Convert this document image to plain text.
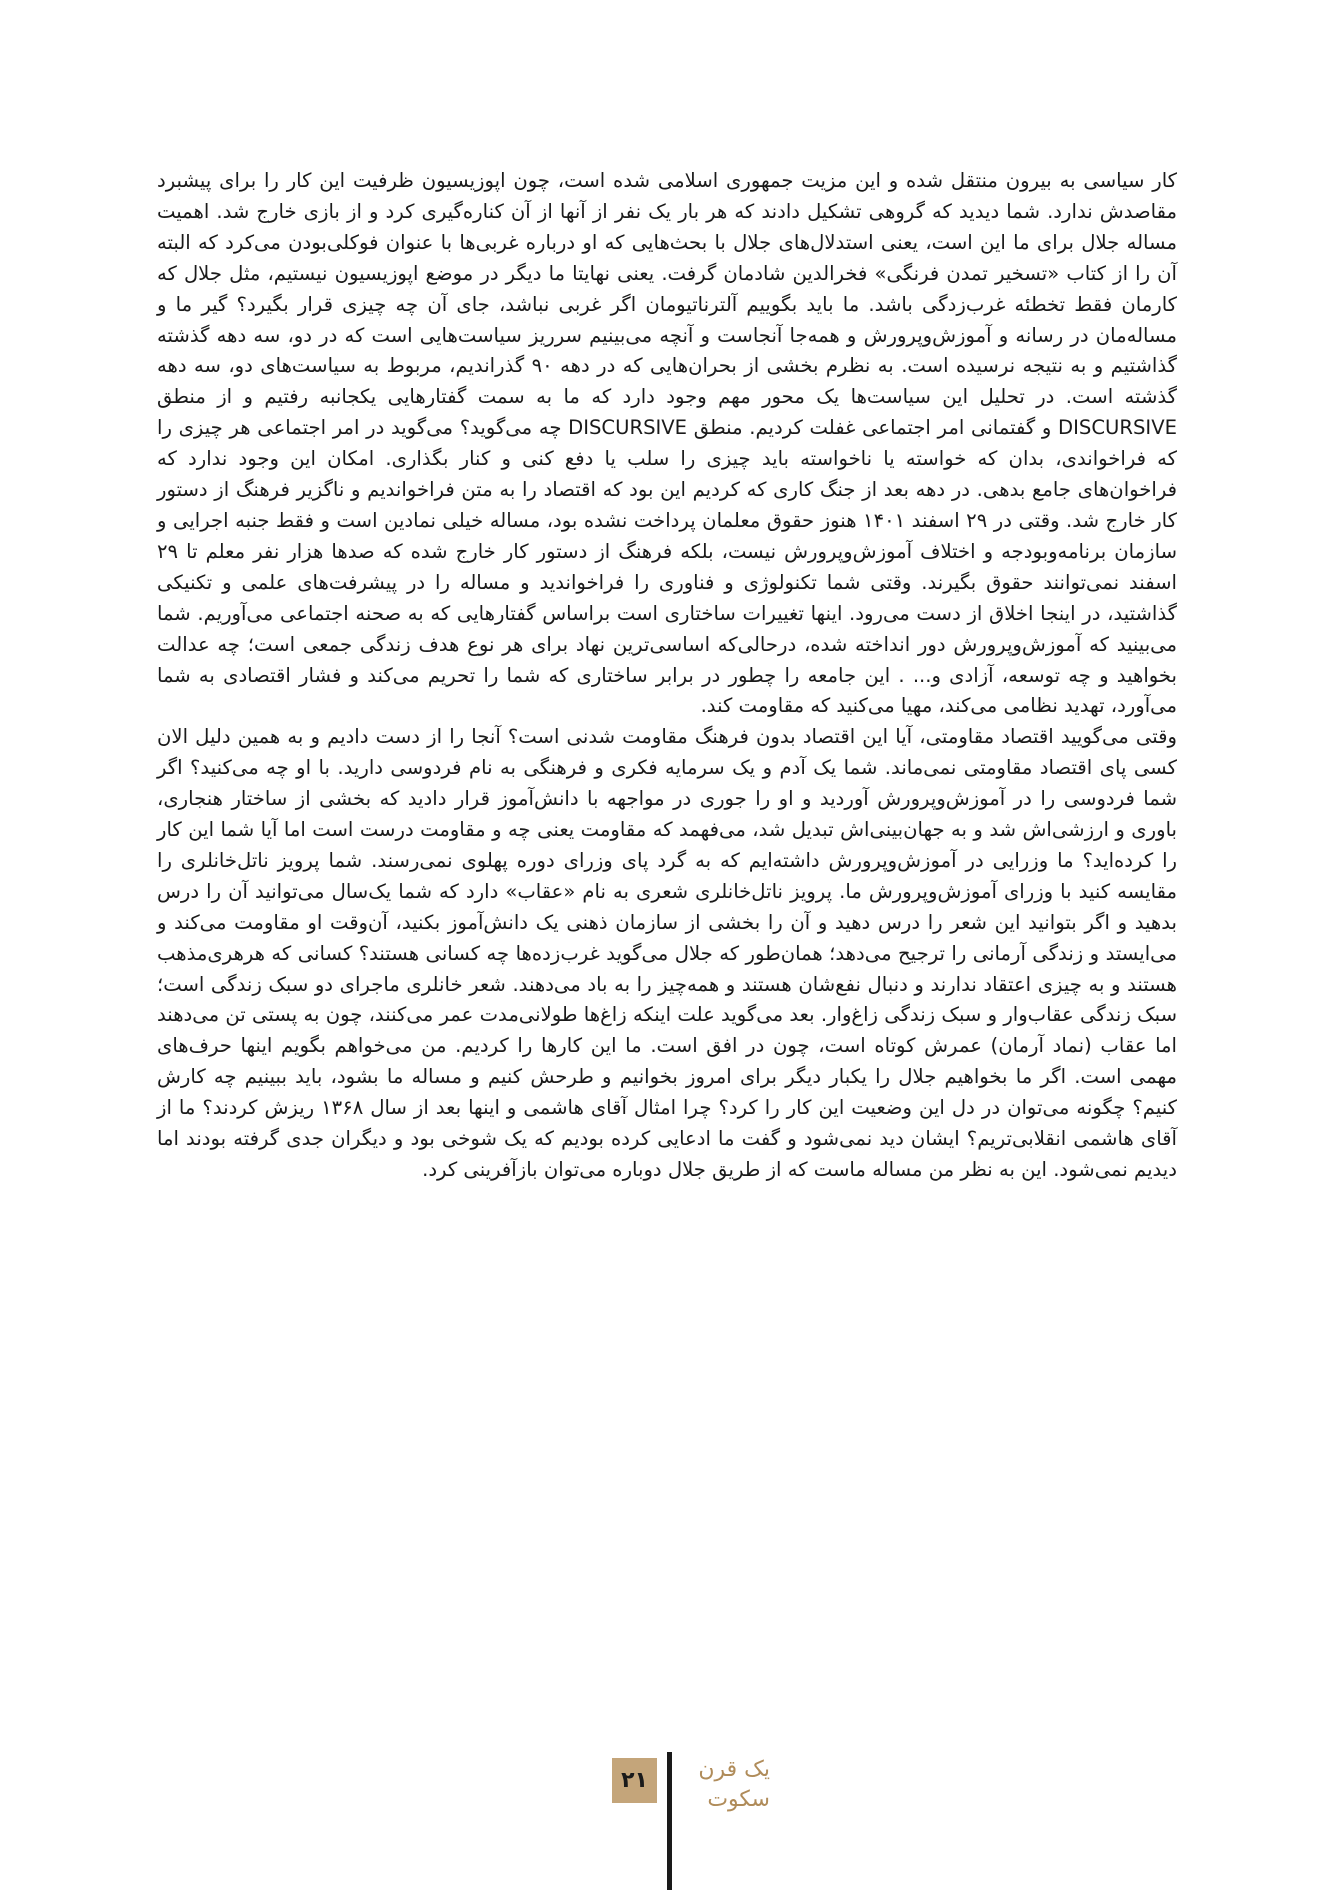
کار سیاسی به بیرون منتقل شده و این مزیت جمهوری اسلامی شده است، چون اپوزیسیون ظرفیت این کار را برای پیشبرد مقاصدش ندارد. شما دیدید که گروهی تشکیل دادند که هر بار یک نفر از آنها از آن کناره‌گیری کرد و از بازی خارج شد. اهمیت مساله جلال برای ما این است، یعنی استدلال‌های جلال با بحث‌هایی که او درباره غربی‌ها با عنوان فوکلی‌بودن می‌کرد که البته آن را از کتاب «تسخیر تمدن فرنگی» فخرالدین شادمان گرفت. یعنی نهایتا ما دیگر در موضع اپوزیسیون نیستیم، مثل جلال که کارمان فقط تخطئه غرب‌زدگی باشد. ما باید بگوییم آلترناتیومان اگر غربی نباشد، جای آن چه چیزی قرار بگیرد؟ گیر ما و مساله‌مان در رسانه و آموزش‌وپرورش و همه‌جا آنجاست و آنچه می‌بینیم سرریز سیاست‌هایی است که در دو، سه دهه گذشته گذاشتیم و به نتیجه نرسیده است. به نظرم بخشی از بحران‌هایی که در دهه ۹۰ گذراندیم، مربوط به سیاست‌های دو، سه دهه گذشته است. در تحلیل این سیاست‌ها یک محور مهم وجود دارد که ما به سمت گفتارهایی یکجانبه رفتیم و از منطق DISCURSIVE و گفتمانی امر اجتماعی غفلت کردیم. منطق DISCURSIVE چه می‌گوید؟ می‌گوید در امر اجتماعی هر چیزی را که فراخواندی، بدان که خواسته یا ناخواسته باید چیزی را سلب یا دفع کنی و کنار بگذاری. امکان این وجود ندارد که فراخوان‌های جامع بدهی. در دهه بعد از جنگ کاری که کردیم این بود که اقتصاد را به متن فراخواندیم و ناگزیر فرهنگ از دستور کار خارج شد. وقتی در ۲۹ اسفند ۱۴۰۱ هنوز حقوق معلمان پرداخت نشده بود، مساله خیلی نمادین است و فقط جنبه اجرایی و سازمان برنامه‌وبودجه و اختلاف آموزش‌وپرورش نیست، بلکه فرهنگ از دستور کار خارج شده که صدها هزار نفر معلم تا ۲۹ اسفند نمی‌توانند حقوق بگیرند. وقتی شما تکنولوژی و فناوری را فراخواندید و مساله را در پیشرفت‌های علمی و تکنیکی گذاشتید، در اینجا اخلاق از دست می‌رود. اینها تغییرات ساختاری است براساس گفتارهایی که به صحنه اجتماعی می‌آوریم. شما می‌بینید که آموزش‌وپرورش دور انداخته شده، درحالی‌که اساسی‌ترین نهاد برای هر نوع هدف زندگی جمعی است؛ چه عدالت بخواهید و چه توسعه، آزادی و... . این جامعه را چطور در برابر ساختاری که شما را تحریم می‌کند و فشار اقتصادی به شما می‌آورد، تهدید نظامی می‌کند، مهیا می‌کنید که مقاومت کند.

وقتی می‌گویید اقتصاد مقاومتی، آیا این اقتصاد بدون فرهنگ مقاومت شدنی است؟ آنجا را از دست دادیم و به همین دلیل الان کسی پای اقتصاد مقاومتی نمی‌ماند. شما یک آدم و یک سرمایه فکری و فرهنگی به نام فردوسی دارید. با او چه می‌کنید؟ اگر شما فردوسی را در آموزش‌وپرورش آوردید و او را جوری در مواجهه با دانش‌آموز قرار دادید که بخشی از ساختار هنجاری، باوری و ارزشی‌اش شد و به جهان‌بینی‌اش تبدیل شد، می‌فهمد که مقاومت یعنی چه و مقاومت درست است اما آیا شما این کار را کرده‌اید؟ ما وزرایی در آموزش‌وپرورش داشته‌ایم که به گرد پای وزرای دوره پهلوی نمی‌رسند. شما پرویز ناتل‌خانلری را مقایسه کنید با وزرای آموزش‌وپرورش ما. پرویز ناتل‌خانلری شعری به نام «عقاب» دارد که شما یک‌سال می‌توانید آن را درس بدهید و اگر بتوانید این شعر را درس دهید و آن را بخشی از سازمان ذهنی یک دانش‌آموز بکنید، آن‌وقت او مقاومت می‌کند و می‌ایستد و زندگی آرمانی را ترجیح می‌دهد؛ همان‌طور که جلال می‌گوید غرب‌زده‌ها چه کسانی هستند؟ کسانی که هرهری‌مذهب هستند و به چیزی اعتقاد ندارند و دنبال نفع‌شان هستند و همه‌چیز را به باد می‌دهند. شعر خانلری ماجرای دو سبک زندگی است؛ سبک زندگی عقاب‌وار و سبک زندگی زاغ‌وار. بعد می‌گوید علت اینکه زاغ‌ها طولانی‌مدت عمر می‌کنند، چون به پستی تن می‌دهند اما عقاب (نماد آرمان) عمرش کوتاه است، چون در افق است. ما این کارها را کردیم. من می‌خواهم بگویم اینها حرف‌های مهمی است. اگر ما بخواهیم جلال را یکبار دیگر برای امروز بخوانیم و طرحش کنیم و مساله ما بشود، باید ببینیم چه کارش کنیم؟ چگونه می‌توان در دل این وضعیت این کار را کرد؟ چرا امثال آقای هاشمی و اینها بعد از سال ۱۳۶۸ ریزش کردند؟ ما از آقای هاشمی انقلابی‌تریم؟ ایشان دید نمی‌شود و گفت ما ادعایی کرده بودیم که یک شوخی بود و دیگران جدی گرفته بودند اما دیدیم نمی‌شود. این به نظر من مساله ماست که از طریق جلال دوباره می‌توان بازآفرینی کرد.

۲۱	یک قرن
سکوت
